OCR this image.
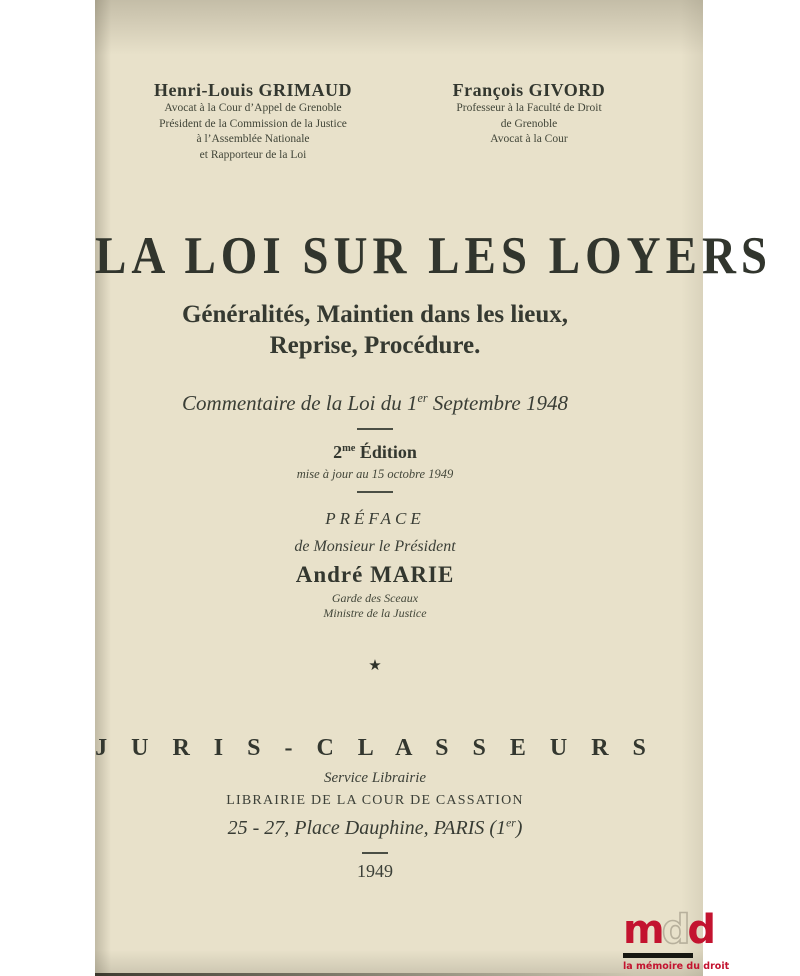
Henri-Louis GRIMAUD
Avocat à la Cour d’Appel de Grenoble
Président de la Commission de la Justice
à l’Assemblée Nationale
et Rapporteur de la Loi
François GIVORD
Professeur à la Faculté de Droit
de Grenoble
Avocat à la Cour
LA LOI SUR LES LOYERS
Généralités, Maintien dans les lieux,
Reprise, Procédure.
Commentaire de la Loi du 1er Septembre 1948
$2^{me}$ Édition
mise à jour au 15 octobre 1949
PRÉFACE
de Monsieur le Président
André MARIE
Garde des Sceaux
Ministre de la Justice
★
J U R I S - C L A S S E U R S
Service Librairie
LIBRAIRIE DE LA COUR DE CASSATION
25 - 27, Place Dauphine, PARIS (1er)
1949
mdd
la mémoire du droit
